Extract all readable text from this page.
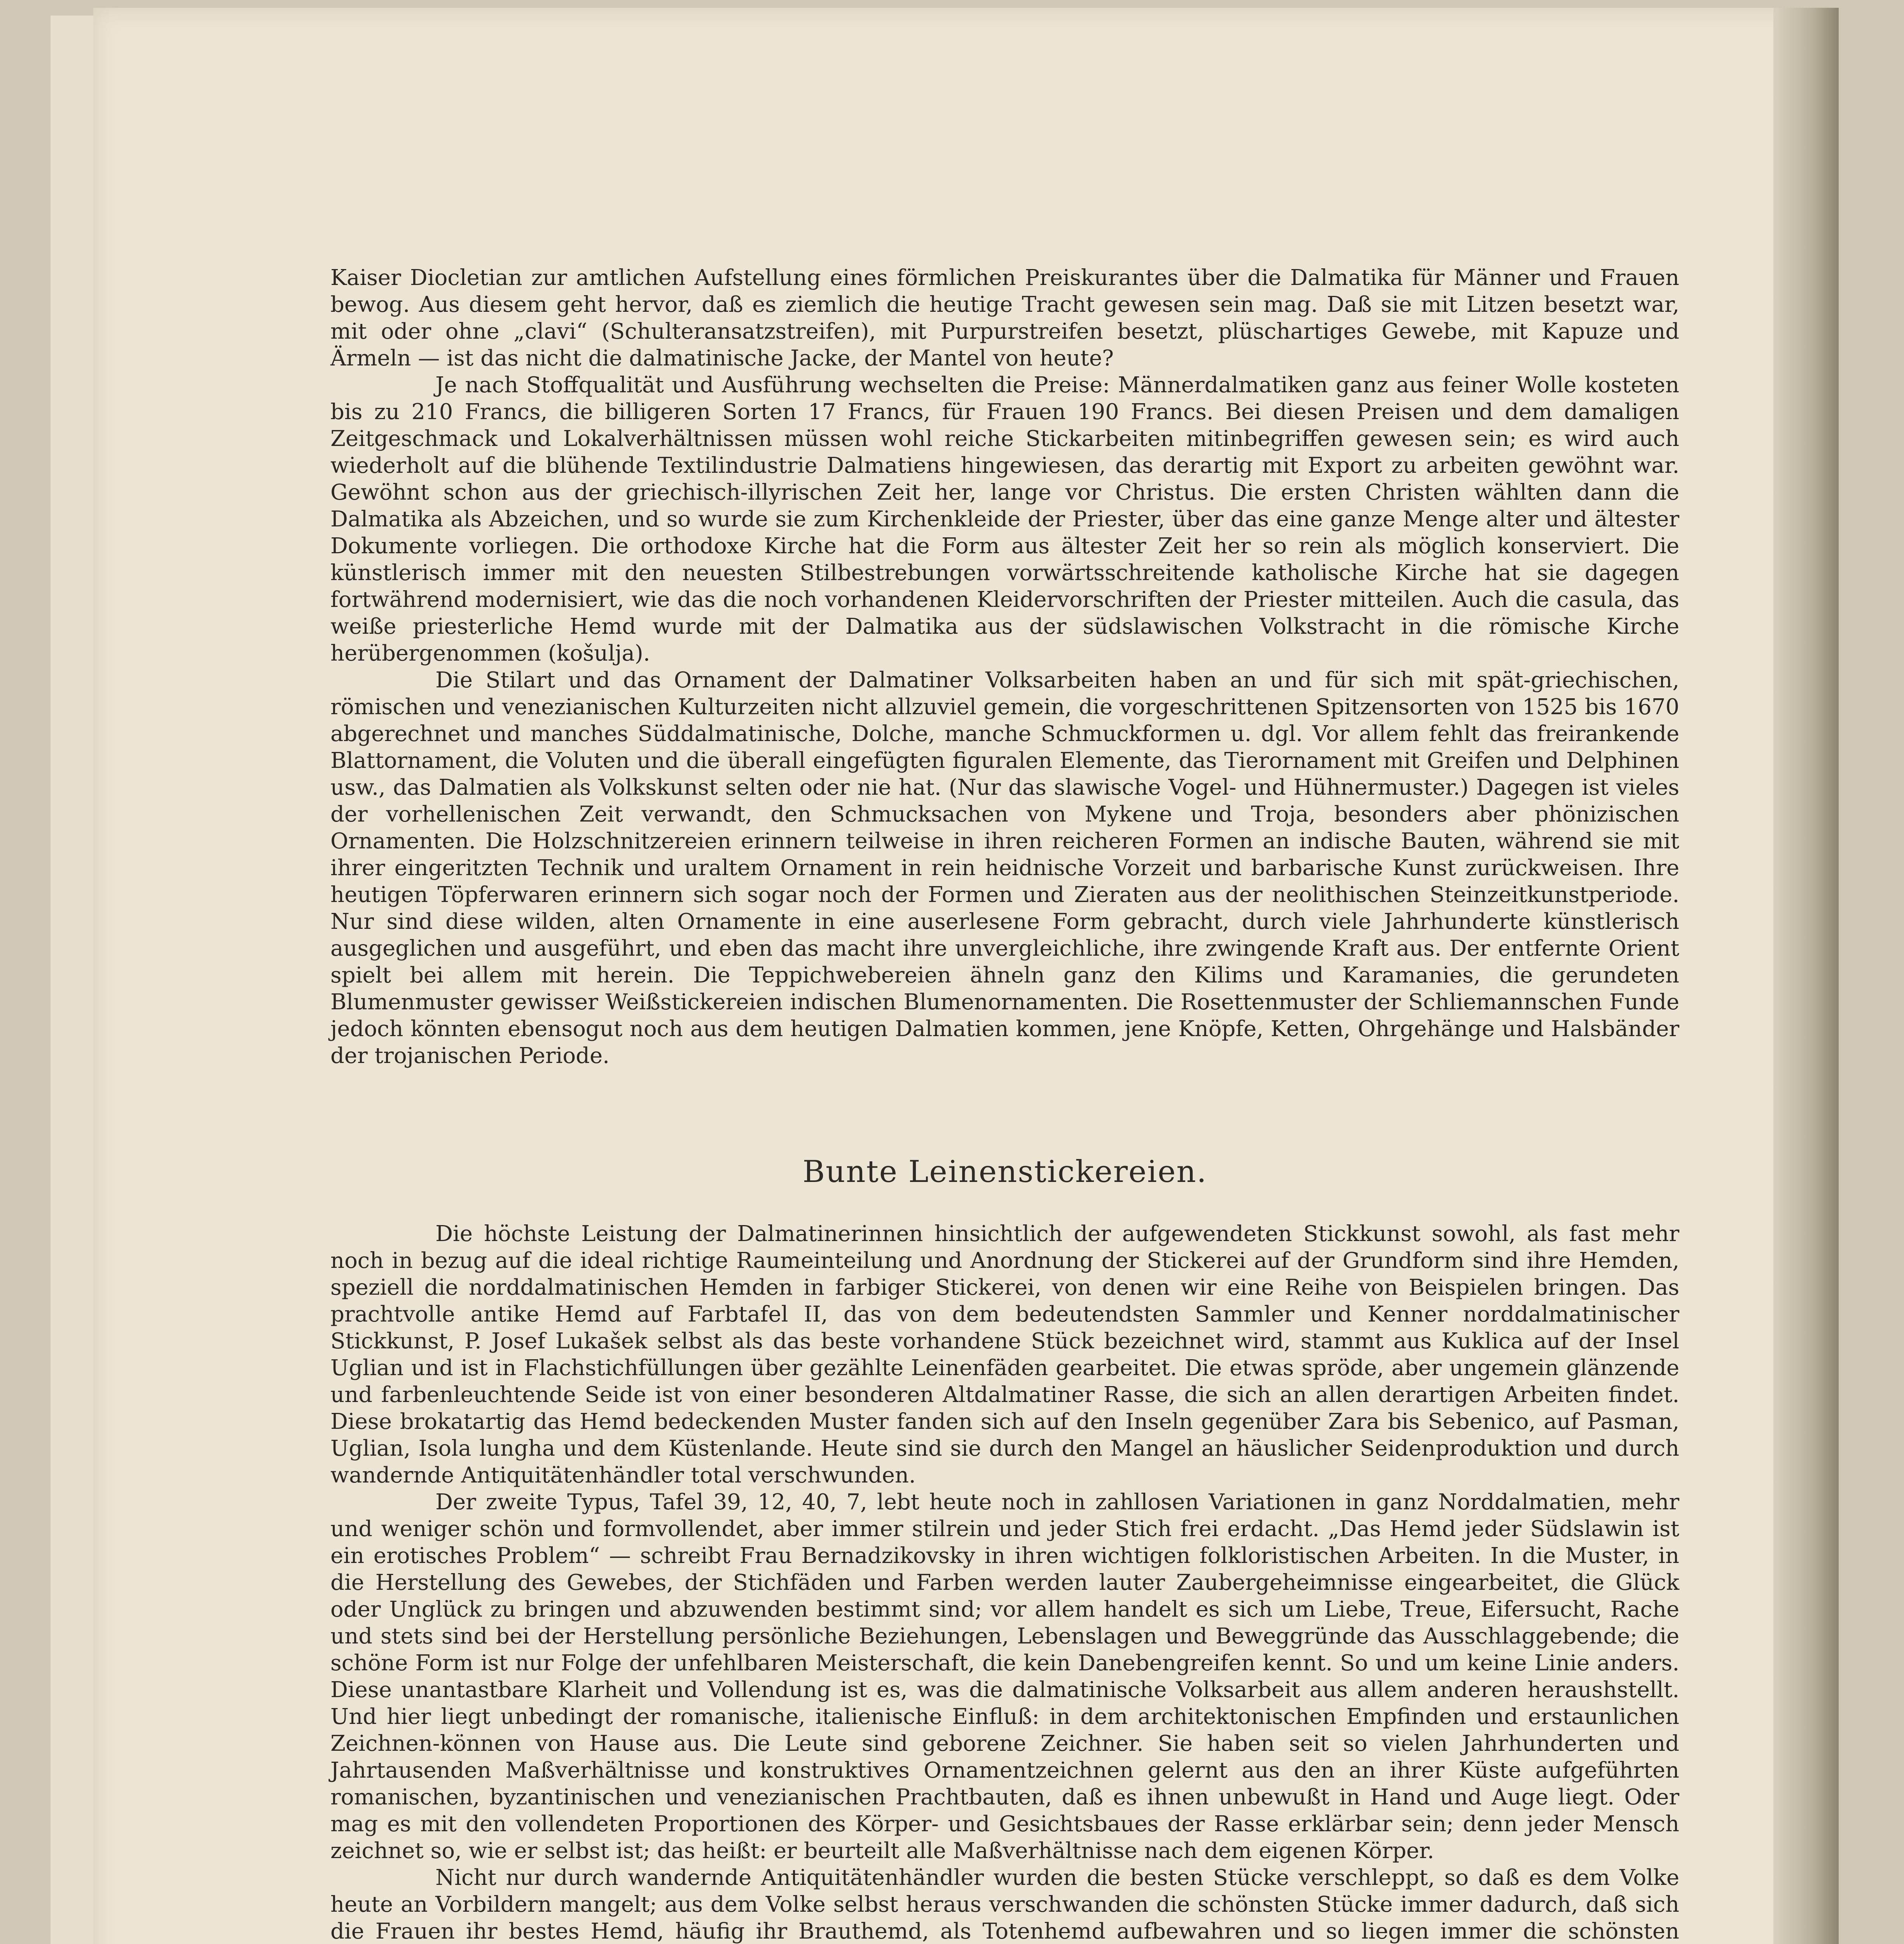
Kaiser Diocletian zur amtlichen Aufstellung eines förmlichen Preiskurantes über die Dalmatika für Männer und Frauen bewog. Aus diesem geht hervor, daß es ziemlich die heutige Tracht gewesen sein mag. Daß sie mit Litzen besetzt war, mit oder ohne „clavi“ (Schulteransatzstreifen), mit Purpurstreifen besetzt, plüschartiges Gewebe, mit Kapuze und Ärmeln — ist das nicht die dalmatinische Jacke, der Mantel von heute?

Je nach Stoffqualität und Ausführung wechselten die Preise: Männerdalmatiken ganz aus feiner Wolle kosteten bis zu 210 Francs, die billigeren Sorten 17 Francs, für Frauen 190 Francs. Bei diesen Preisen und dem damaligen Zeitgeschmack und Lokalverhältnissen müssen wohl reiche Stickarbeiten mitinbegriffen gewesen sein; es wird auch wiederholt auf die blühende Textilindustrie Dalmatiens hingewiesen, das derartig mit Export zu arbeiten gewöhnt war. Gewöhnt schon aus der griechisch-illyrischen Zeit her, lange vor Christus. Die ersten Christen wählten dann die Dalmatika als Abzeichen, und so wurde sie zum Kirchenkleide der Priester, über das eine ganze Menge alter und ältester Dokumente vorliegen. Die orthodoxe Kirche hat die Form aus ältester Zeit her so rein als möglich konserviert. Die künstlerisch immer mit den neuesten Stilbestrebungen vorwärtsschreitende katholische Kirche hat sie dagegen fortwährend modernisiert, wie das die noch vorhandenen Kleidervorschriften der Priester mitteilen. Auch die casula, das weiße priesterliche Hemd wurde mit der Dalmatika aus der südslawischen Volkstracht in die römische Kirche herübergenommen (košulja).

Die Stilart und das Ornament der Dalmatiner Volksarbeiten haben an und für sich mit spät-griechischen, römischen und venezianischen Kulturzeiten nicht allzuviel gemein, die vorgeschrittenen Spitzensorten von 1525 bis 1670 abgerechnet und manches Süddalmatinische, Dolche, manche Schmuckformen u. dgl. Vor allem fehlt das freirankende Blattornament, die Voluten und die überall eingefügten figuralen Elemente, das Tierornament mit Greifen und Delphinen usw., das Dalmatien als Volkskunst selten oder nie hat. (Nur das slawische Vogel- und Hühnermuster.) Dagegen ist vieles der vorhellenischen Zeit verwandt, den Schmucksachen von Mykene und Troja, besonders aber phönizischen Ornamenten. Die Holzschnitzereien erinnern teilweise in ihren reicheren Formen an indische Bauten, während sie mit ihrer eingeritzten Technik und uraltem Ornament in rein heidnische Vorzeit und barbarische Kunst zurückweisen. Ihre heutigen Töpferwaren erinnern sich sogar noch der Formen und Zieraten aus der neolithischen Steinzeitkunstperiode. Nur sind diese wilden, alten Ornamente in eine auserlesene Form gebracht, durch viele Jahrhunderte künstlerisch ausgeglichen und ausgeführt, und eben das macht ihre unvergleichliche, ihre zwingende Kraft aus. Der entfernte Orient spielt bei allem mit herein. Die Teppichwebereien ähneln ganz den Kilims und Karamanies, die gerundeten Blumenmuster gewisser Weißstickereien indischen Blumenornamenten. Die Rosettenmuster der Schliemannschen Funde jedoch könnten ebensogut noch aus dem heutigen Dalmatien kommen, jene Knöpfe, Ketten, Ohrgehänge und Halsbänder der trojanischen Periode.

Bunte Leinenstickereien.

Die höchste Leistung der Dalmatinerinnen hinsichtlich der aufgewendeten Stickkunst sowohl, als fast mehr noch in bezug auf die ideal richtige Raumeinteilung und Anordnung der Stickerei auf der Grundform sind ihre Hemden, speziell die norddalmatinischen Hemden in farbiger Stickerei, von denen wir eine Reihe von Beispielen bringen. Das prachtvolle antike Hemd auf Farbtafel II, das von dem bedeutendsten Sammler und Kenner norddalmatinischer Stickkunst, P. Josef Lukašek selbst als das beste vorhandene Stück bezeichnet wird, stammt aus Kuklica auf der Insel Uglian und ist in Flachstichfüllungen über gezählte Leinenfäden gearbeitet. Die etwas spröde, aber ungemein glänzende und farbenleuchtende Seide ist von einer besonderen Altdalmatiner Rasse, die sich an allen derartigen Arbeiten findet. Diese brokatartig das Hemd bedeckenden Muster fanden sich auf den Inseln gegenüber Zara bis Sebenico, auf Pasman, Uglian, Isola lungha und dem Küstenlande. Heute sind sie durch den Mangel an häuslicher Seidenproduktion und durch wandernde Antiquitätenhändler total verschwunden.

Der zweite Typus, Tafel 39, 12, 40, 7, lebt heute noch in zahllosen Variationen in ganz Norddalmatien, mehr und weniger schön und formvollendet, aber immer stilrein und jeder Stich frei erdacht. „Das Hemd jeder Südslawin ist ein erotisches Problem“ — schreibt Frau Bernadzikovsky in ihren wichtigen folkloristischen Arbeiten. In die Muster, in die Herstellung des Gewebes, der Stichfäden und Farben werden lauter Zaubergeheimnisse eingearbeitet, die Glück oder Unglück zu bringen und abzuwenden bestimmt sind; vor allem handelt es sich um Liebe, Treue, Eifersucht, Rache und stets sind bei der Herstellung persönliche Beziehungen, Lebenslagen und Beweggründe das Ausschlaggebende; die schöne Form ist nur Folge der unfehlbaren Meisterschaft, die kein Danebengreifen kennt. So und um keine Linie anders. Diese unantastbare Klarheit und Vollendung ist es, was die dalmatinische Volksarbeit aus allem anderen heraushstellt. Und hier liegt unbedingt der romanische, italienische Einfluß: in dem architektonischen Empfinden und erstaunlichen Zeichnen-können von Hause aus. Die Leute sind geborene Zeichner. Sie haben seit so vielen Jahrhunderten und Jahrtausenden Maßverhältnisse und konstruktives Ornamentzeichnen gelernt aus den an ihrer Küste aufgeführten romanischen, byzantinischen und venezianischen Prachtbauten, daß es ihnen unbewußt in Hand und Auge liegt. Oder mag es mit den vollendeten Proportionen des Körper- und Gesichtsbaues der Rasse erklärbar sein; denn jeder Mensch zeichnet so, wie er selbst ist; das heißt: er beurteilt alle Maßverhältnisse nach dem eigenen Körper.

Nicht nur durch wandernde Antiquitätenhändler wurden die besten Stücke verschleppt, so daß es dem Volke heute an Vorbildern mangelt; aus dem Volke selbst heraus verschwanden die schönsten Stücke immer dadurch, daß sich die Frauen ihr bestes Hemd, häufig ihr Brauthemd, als Totenhemd aufbewahren und so liegen immer die schönsten
